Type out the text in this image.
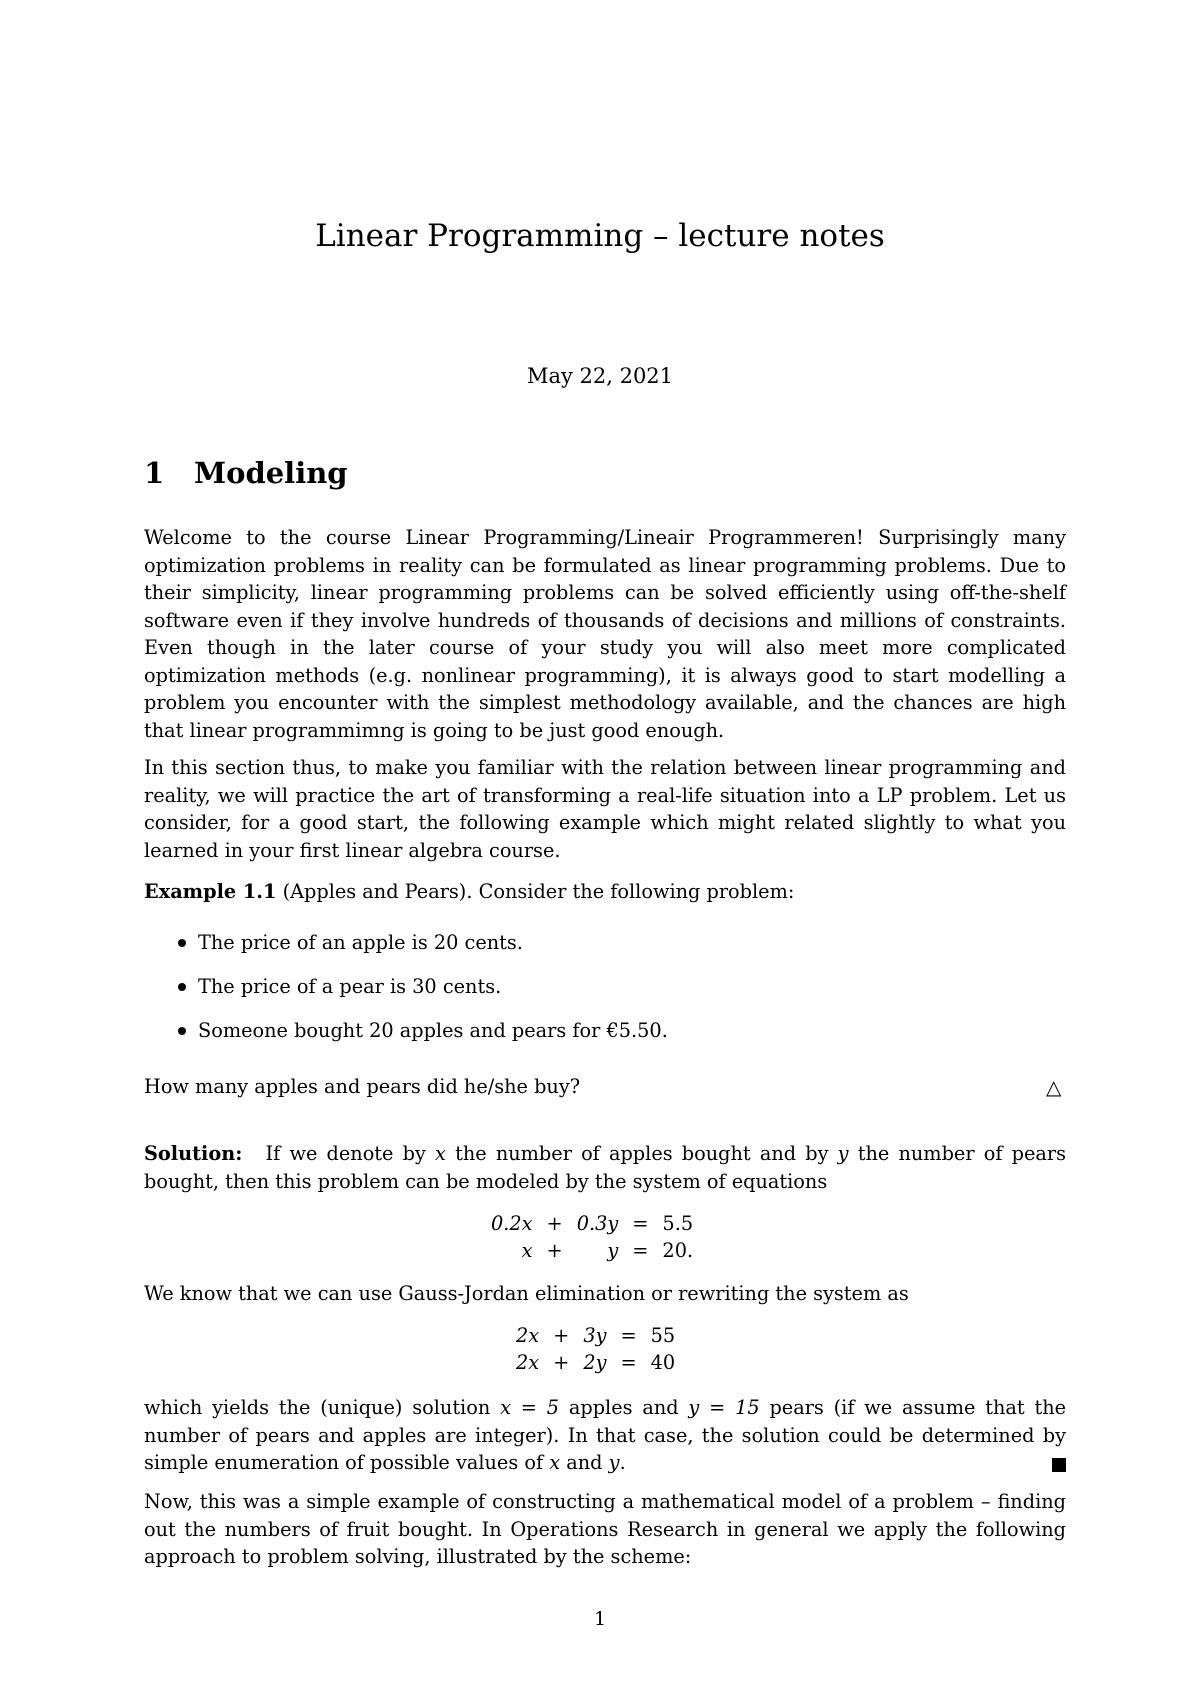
Linear Programming – lecture notes
May 22, 2021
1	Modeling
Welcome to the course Linear Programming/Lineair Programmeren! Surprisingly many optimization problems in reality can be formulated as linear programming problems. Due to their simplicity, linear programming problems can be solved efficiently using off-the-shelf software even if they involve hundreds of thousands of decisions and millions of constraints. Even though in the later course of your study you will also meet more complicated optimization methods (e.g. nonlinear programming), it is always good to start modelling a problem you encounter with the simplest methodology available, and the chances are high that linear programmimng is going to be just good enough.
In this section thus, to make you familiar with the relation between linear programming and reality, we will practice the art of transforming a real-life situation into a LP problem. Let us consider, for a good start, the following example which might related slightly to what you learned in your first linear algebra course.
Example 1.1 (Apples and Pears). Consider the following problem:
The price of an apple is 20 cents.
The price of a pear is 30 cents.
Someone bought 20 apples and pears for €5.50.
How many apples and pears did he/she buy?	△
Solution: If we denote by x the number of apples bought and by y the number of pears bought, then this problem can be modeled by the system of equations
0.2x	+	0.3y	=	5.5
x	+	y	=	20.
We know that we can use Gauss-Jordan elimination or rewriting the system as
2x	+	3y	=	55
2x	+	2y	=	40
which yields the (unique) solution x = 5 apples and y = 15 pears (if we assume that the number of pears and apples are integer). In that case, the solution could be determined by simple enumeration of possible values of x and y.
Now, this was a simple example of constructing a mathematical model of a problem – finding out the numbers of fruit bought. In Operations Research in general we apply the following approach to problem solving, illustrated by the scheme:
1
